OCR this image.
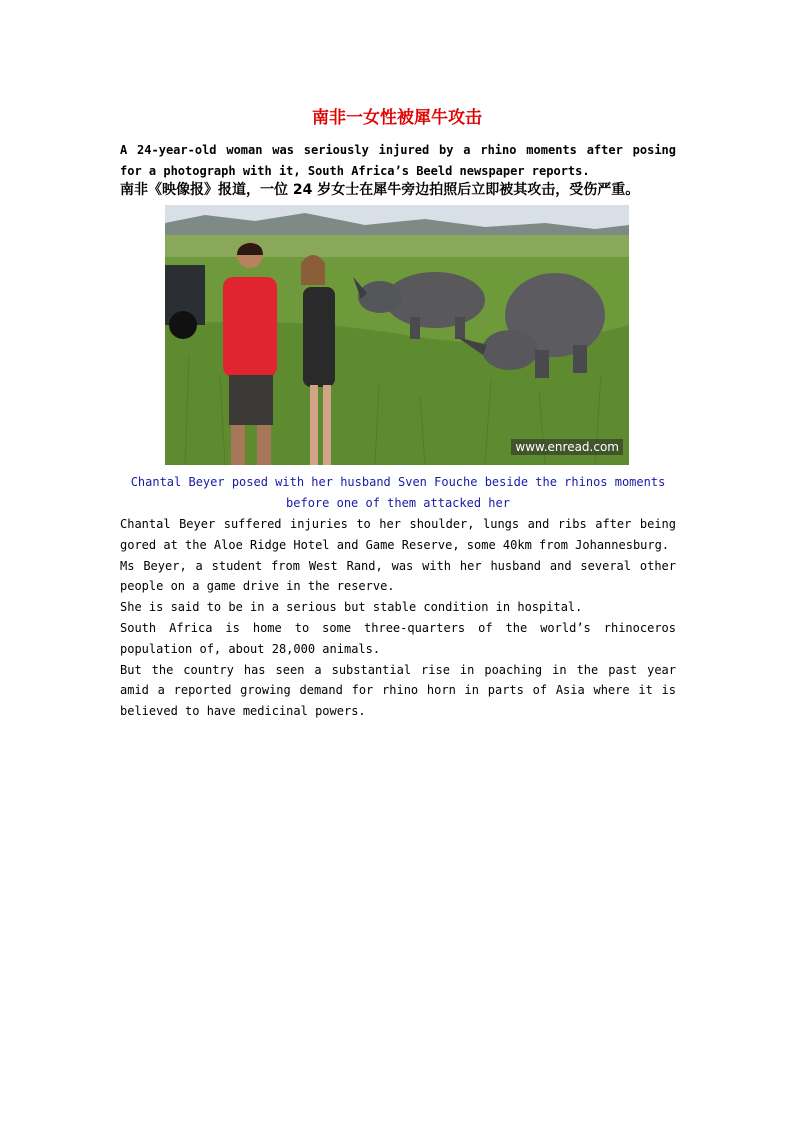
南非一女性被犀牛攻击
A 24-year-old woman was seriously injured by a rhino moments after posing for a photograph with it, South Africa’s Beeld newspaper reports.
南非《映像报》报道，一位 24 岁女士在犀牛旁边拍照后立即被其攻击，受伤严重。
www.enread.com
Chantal Beyer posed with her husband Sven Fouche beside the rhinos moments before one of them attacked her

Chantal Beyer suffered injuries to her shoulder, lungs and ribs after being gored at the Aloe Ridge Hotel and Game Reserve, some 40km from Johannesburg.

Ms Beyer, a student from West Rand, was with her husband and several other people on a game drive in the reserve.

She is said to be in a serious but stable condition in hospital.

South Africa is home to some three-quarters of the world’s rhinoceros population of, about 28,000 animals.

But the country has seen a substantial rise in poaching in the past year amid a reported growing demand for rhino horn in parts of Asia where it is believed to have medicinal powers.
